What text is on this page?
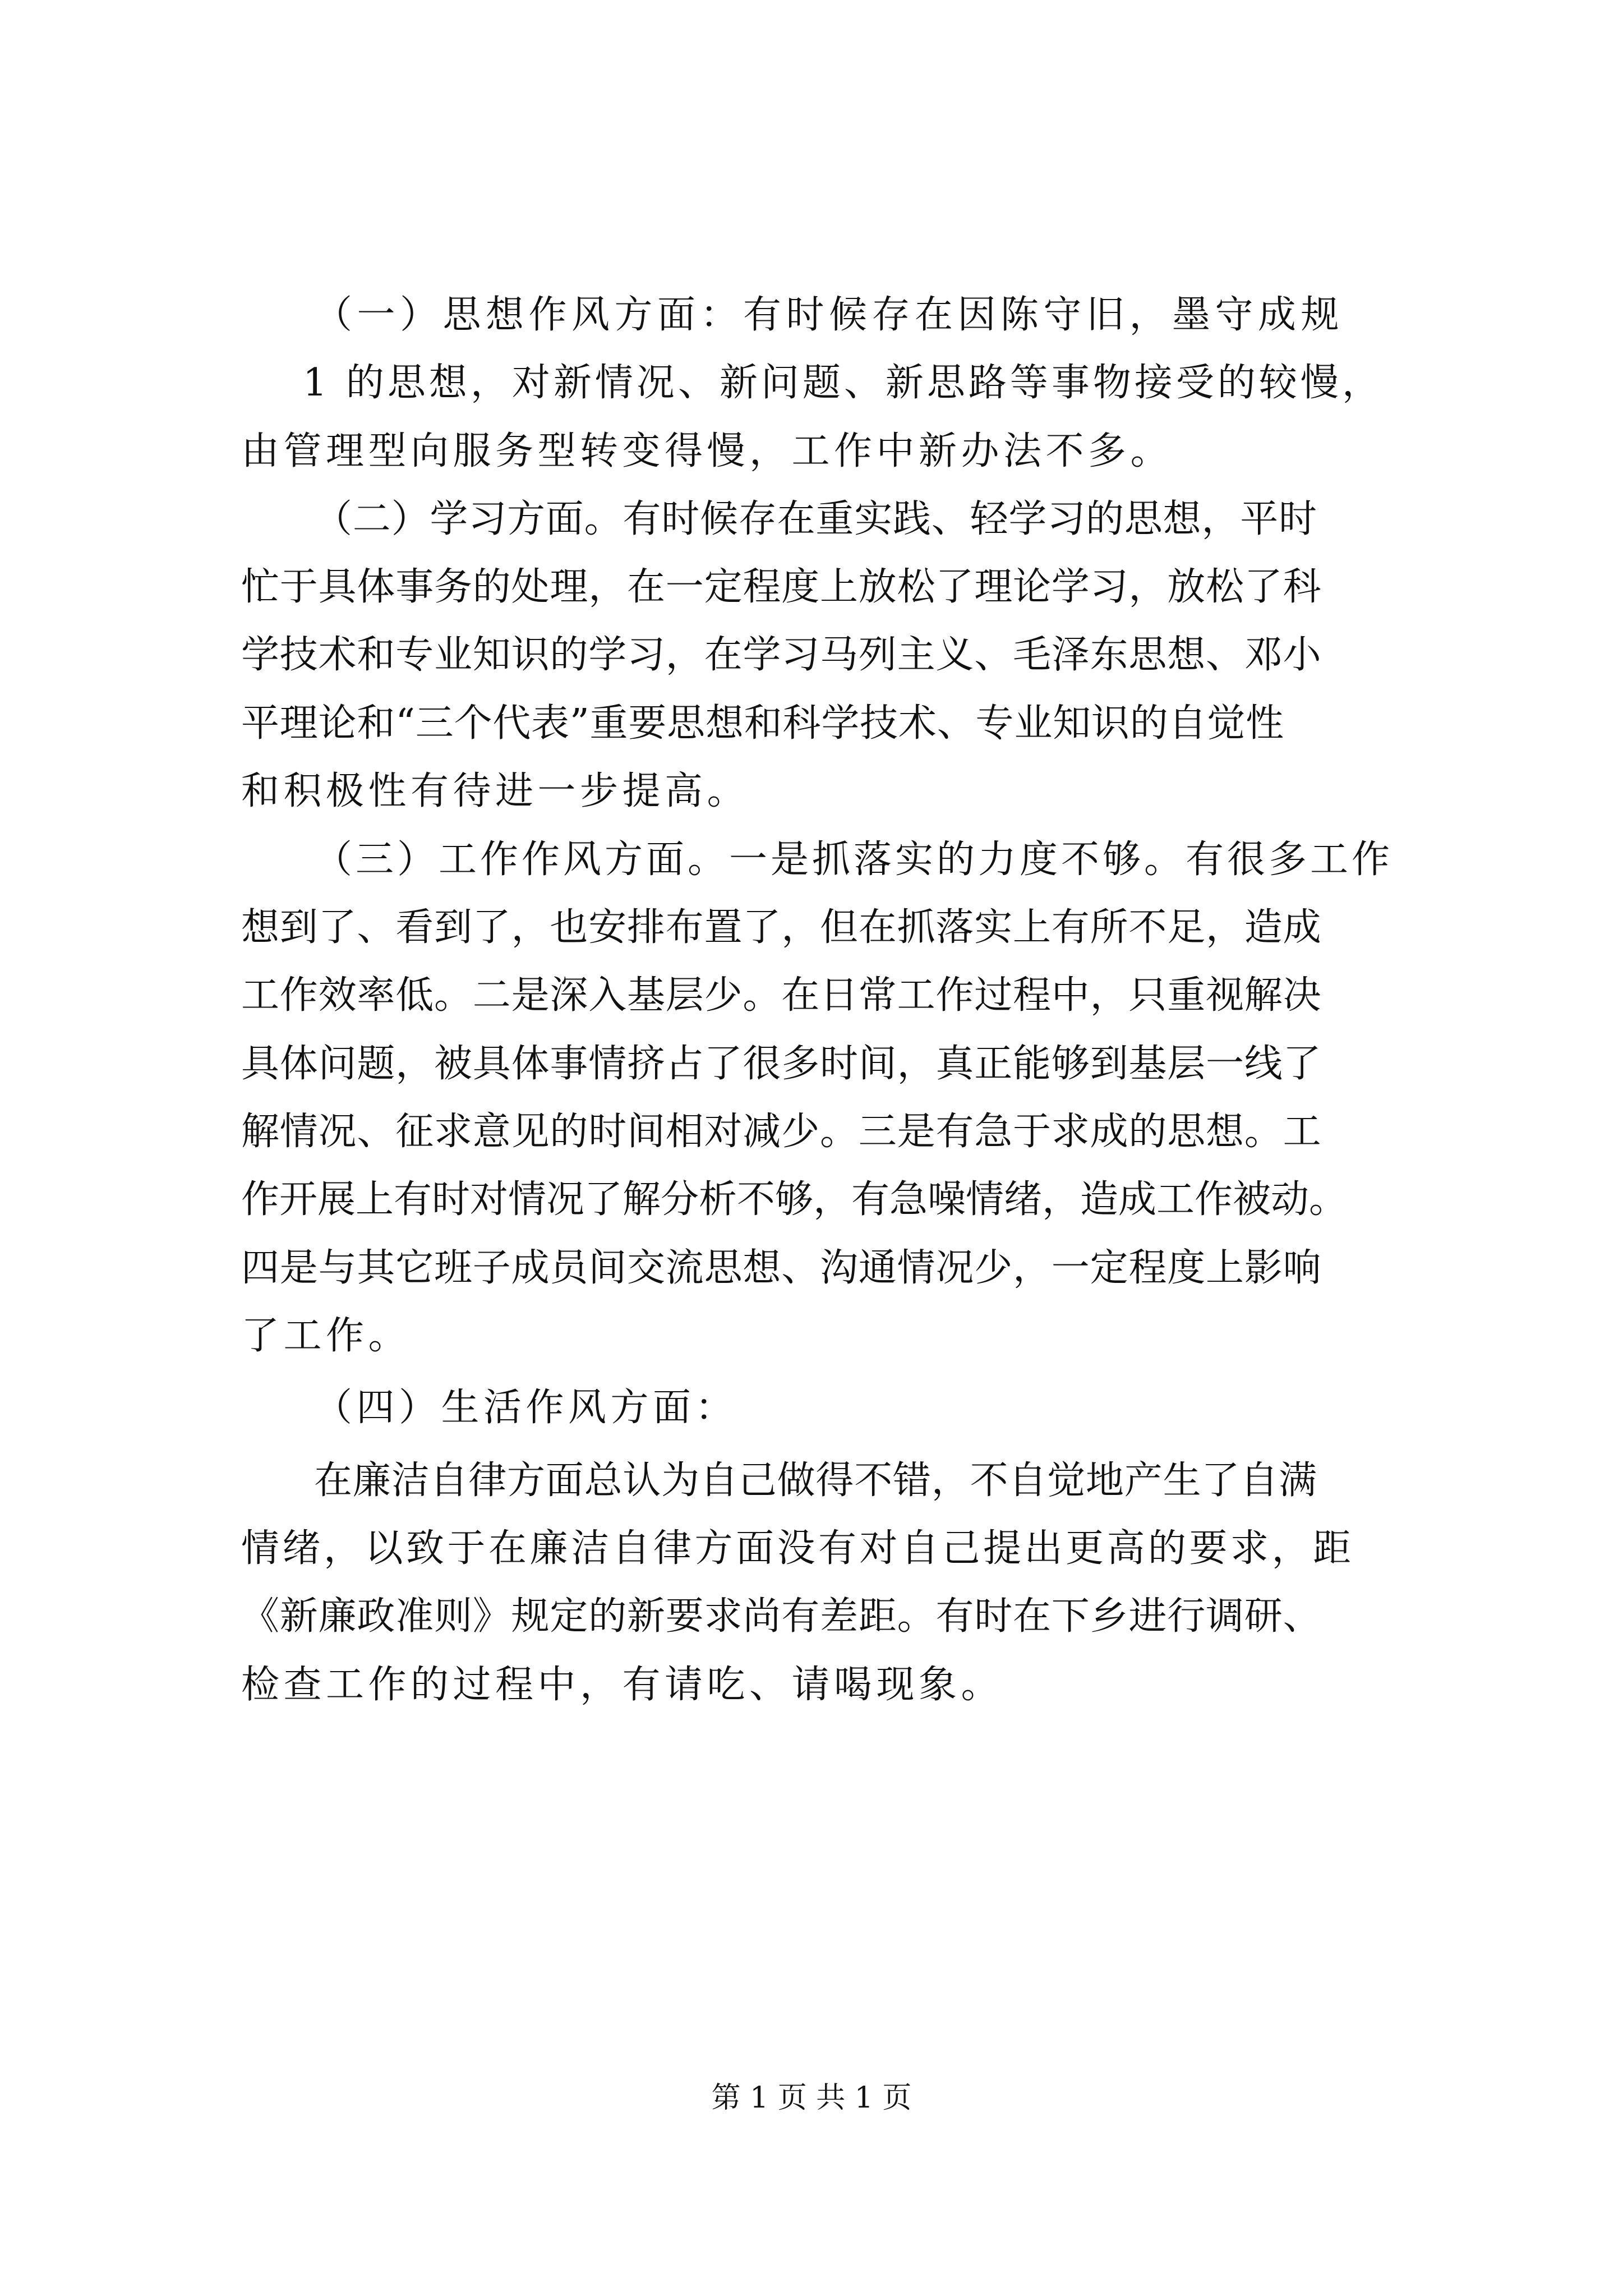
（一）思想作风方面：有时候存在因陈守旧，墨守成规

1 的思想，对新情况、新问题、新思路等事物接受的较慢，

由管理型向服务型转变得慢，工作中新办法不多。

（二）学习方面。有时候存在重实践、轻学习的思想，平时

忙于具体事务的处理，在一定程度上放松了理论学习，放松了科

学技术和专业知识的学习，在学习马列主义、毛泽东思想、邓小

平理论和“三个代表”重要思想和科学技术、专业知识的自觉性

和积极性有待进一步提高。

（三）工作作风方面。一是抓落实的力度不够。有很多工作

想到了、看到了，也安排布置了，但在抓落实上有所不足，造成

工作效率低。二是深入基层少。在日常工作过程中，只重视解决

具体问题，被具体事情挤占了很多时间，真正能够到基层一线了

解情况、征求意见的时间相对减少。三是有急于求成的思想。工

作开展上有时对情况了解分析不够，有急噪情绪，造成工作被动。

四是与其它班子成员间交流思想、沟通情况少，一定程度上影响

了工作。

（四）生活作风方面：

在廉洁自律方面总认为自己做得不错，不自觉地产生了自满

情绪，以致于在廉洁自律方面没有对自己提出更高的要求，距

《新廉政准则》规定的新要求尚有差距。有时在下乡进行调研、

检查工作的过程中，有请吃、请喝现象。

第 1 页 共 1 页
